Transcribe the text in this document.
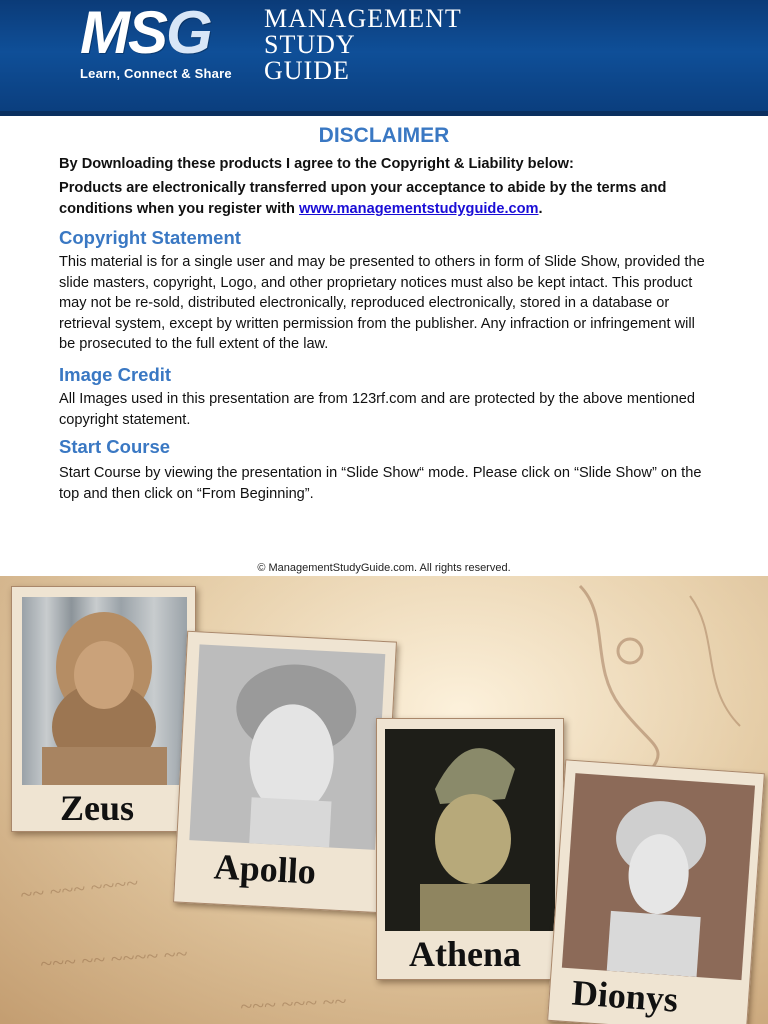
MSG
Learn, Connect & Share
MANAGEMENT
STUDY
GUIDE
DISCLAIMER
By Downloading these products I agree to the Copyright & Liability below:
Products are electronically transferred upon your acceptance to abide by the terms and
conditions when you register with www.managementstudyguide.com.
Copyright Statement
This material is for a single user and may be presented to others in form of Slide Show, provided the slide masters, copyright, Logo, and other proprietary notices must also be kept intact. This product may not be re-sold, distributed electronically, reproduced electronically, stored in a database or retrieval system, except by written permission from the publisher. Any infraction or infringement will be prosecuted to the full extent of the law.
Image Credit
All Images used in this presentation are from 123rf.com and are protected by the above mentioned copyright statement.
Start Course
Start Course by viewing the presentation in “Slide Show“ mode. Please click on “Slide Show” on the top and then click on “From Beginning”.
© ManagementStudyGuide.com. All rights reserved.
~~ ~~~ ~~~~
~~~ ~~ ~~~~ ~~
~~~ ~~~ ~~
Zeus
Apollo
Athena
Dionys
